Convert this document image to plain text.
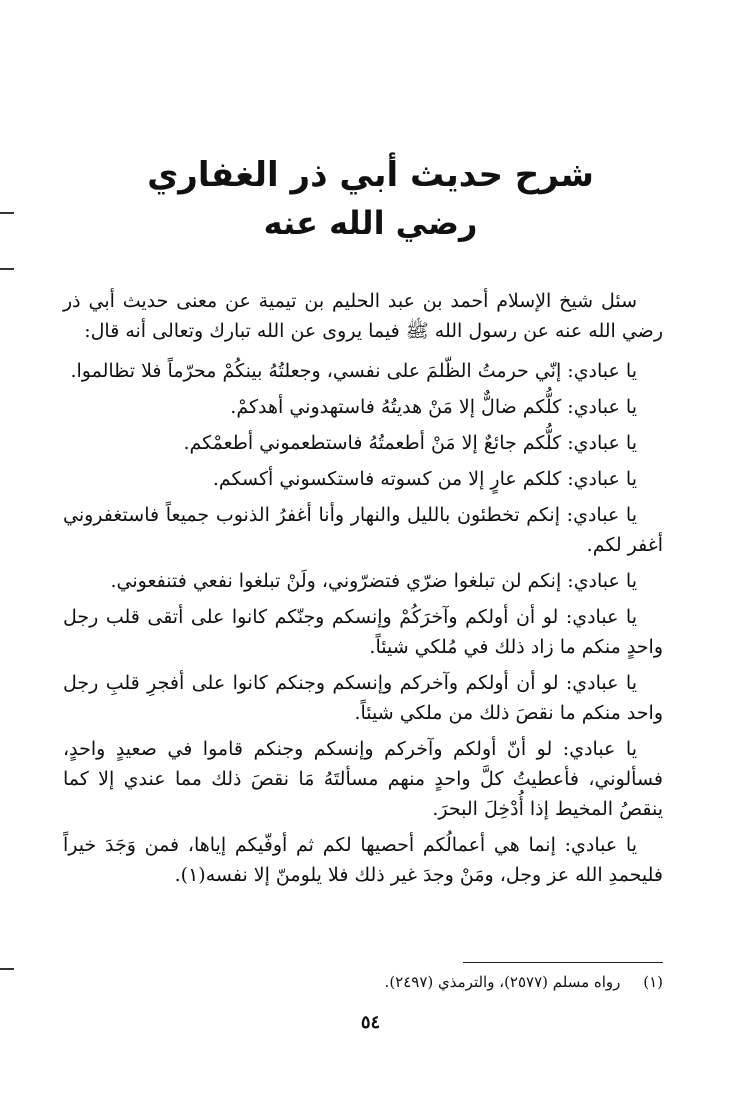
شرح حديث أبي ذر الغفاري
رضي الله عنه

سئل شيخ الإسلام أحمد بن عبد الحليم بن تيمية عن معنى حديث أبي ذر رضي الله عنه عن رسول الله ﷺ فيما يروى عن الله تبارك وتعالى أنه قال:

يا عبادي: إنّي حرمتُ الظّلمَ على نفسي، وجعلتُهُ بينكُمْ محرّماً فلا تظالموا.

يا عبادي: كلُّكم ضالٌّ إلا مَنْ هديتُهُ فاستهدوني أهدكمْ.

يا عبادي: كلُّكم جائعٌ إلا مَنْ أطعمتُهُ فاستطعموني أطعمْكم.

يا عبادي: كلكم عارٍ إلا من كسوته فاستكسوني أكسكم.

يا عبادي: إنكم تخطئون بالليل والنهار وأنا أغفرُ الذنوب جميعاً فاستغفروني أغفر لكم.

يا عبادي: إنكم لن تبلغوا ضرّي فتضرّوني، ولَنْ تبلغوا نفعي فتنفعوني.

يا عبادي: لو أن أولكم وآخرَكُمْ وإنسكم وجنّكم كانوا على أتقى قلب رجل واحدٍ منكم ما زاد ذلك في مُلكي شيئاً.

يا عبادي: لو أن أولكم وآخركم وإنسكم وجنكم كانوا على أفجرِ قلبِ رجل واحد منكم ما نقصَ ذلك من ملكي شيئاً.

يا عبادي: لو أنّ أولكم وآخركم وإنسكم وجنكم قاموا في صعيدٍ واحدٍ، فسألوني، فأعطيتُ كلَّ واحدٍ منهم مسألتَهُ مَا نقصَ ذلك مما عندي إلا كما ينقصُ المخيط إذا أُدْخِلَ البحرَ.

يا عبادي: إنما هي أعمالُكم أحصيها لكم ثم أوفّيكم إياها، فمن وَجَدَ خيراً فليحمدِ الله عز وجل، ومَنْ وجدَ غير ذلك فلا يلومنّ إلا نفسه(١).

(١) رواه مسلم (٢٥٧٧)، والترمذي (٢٤٩٧).
٥٤
